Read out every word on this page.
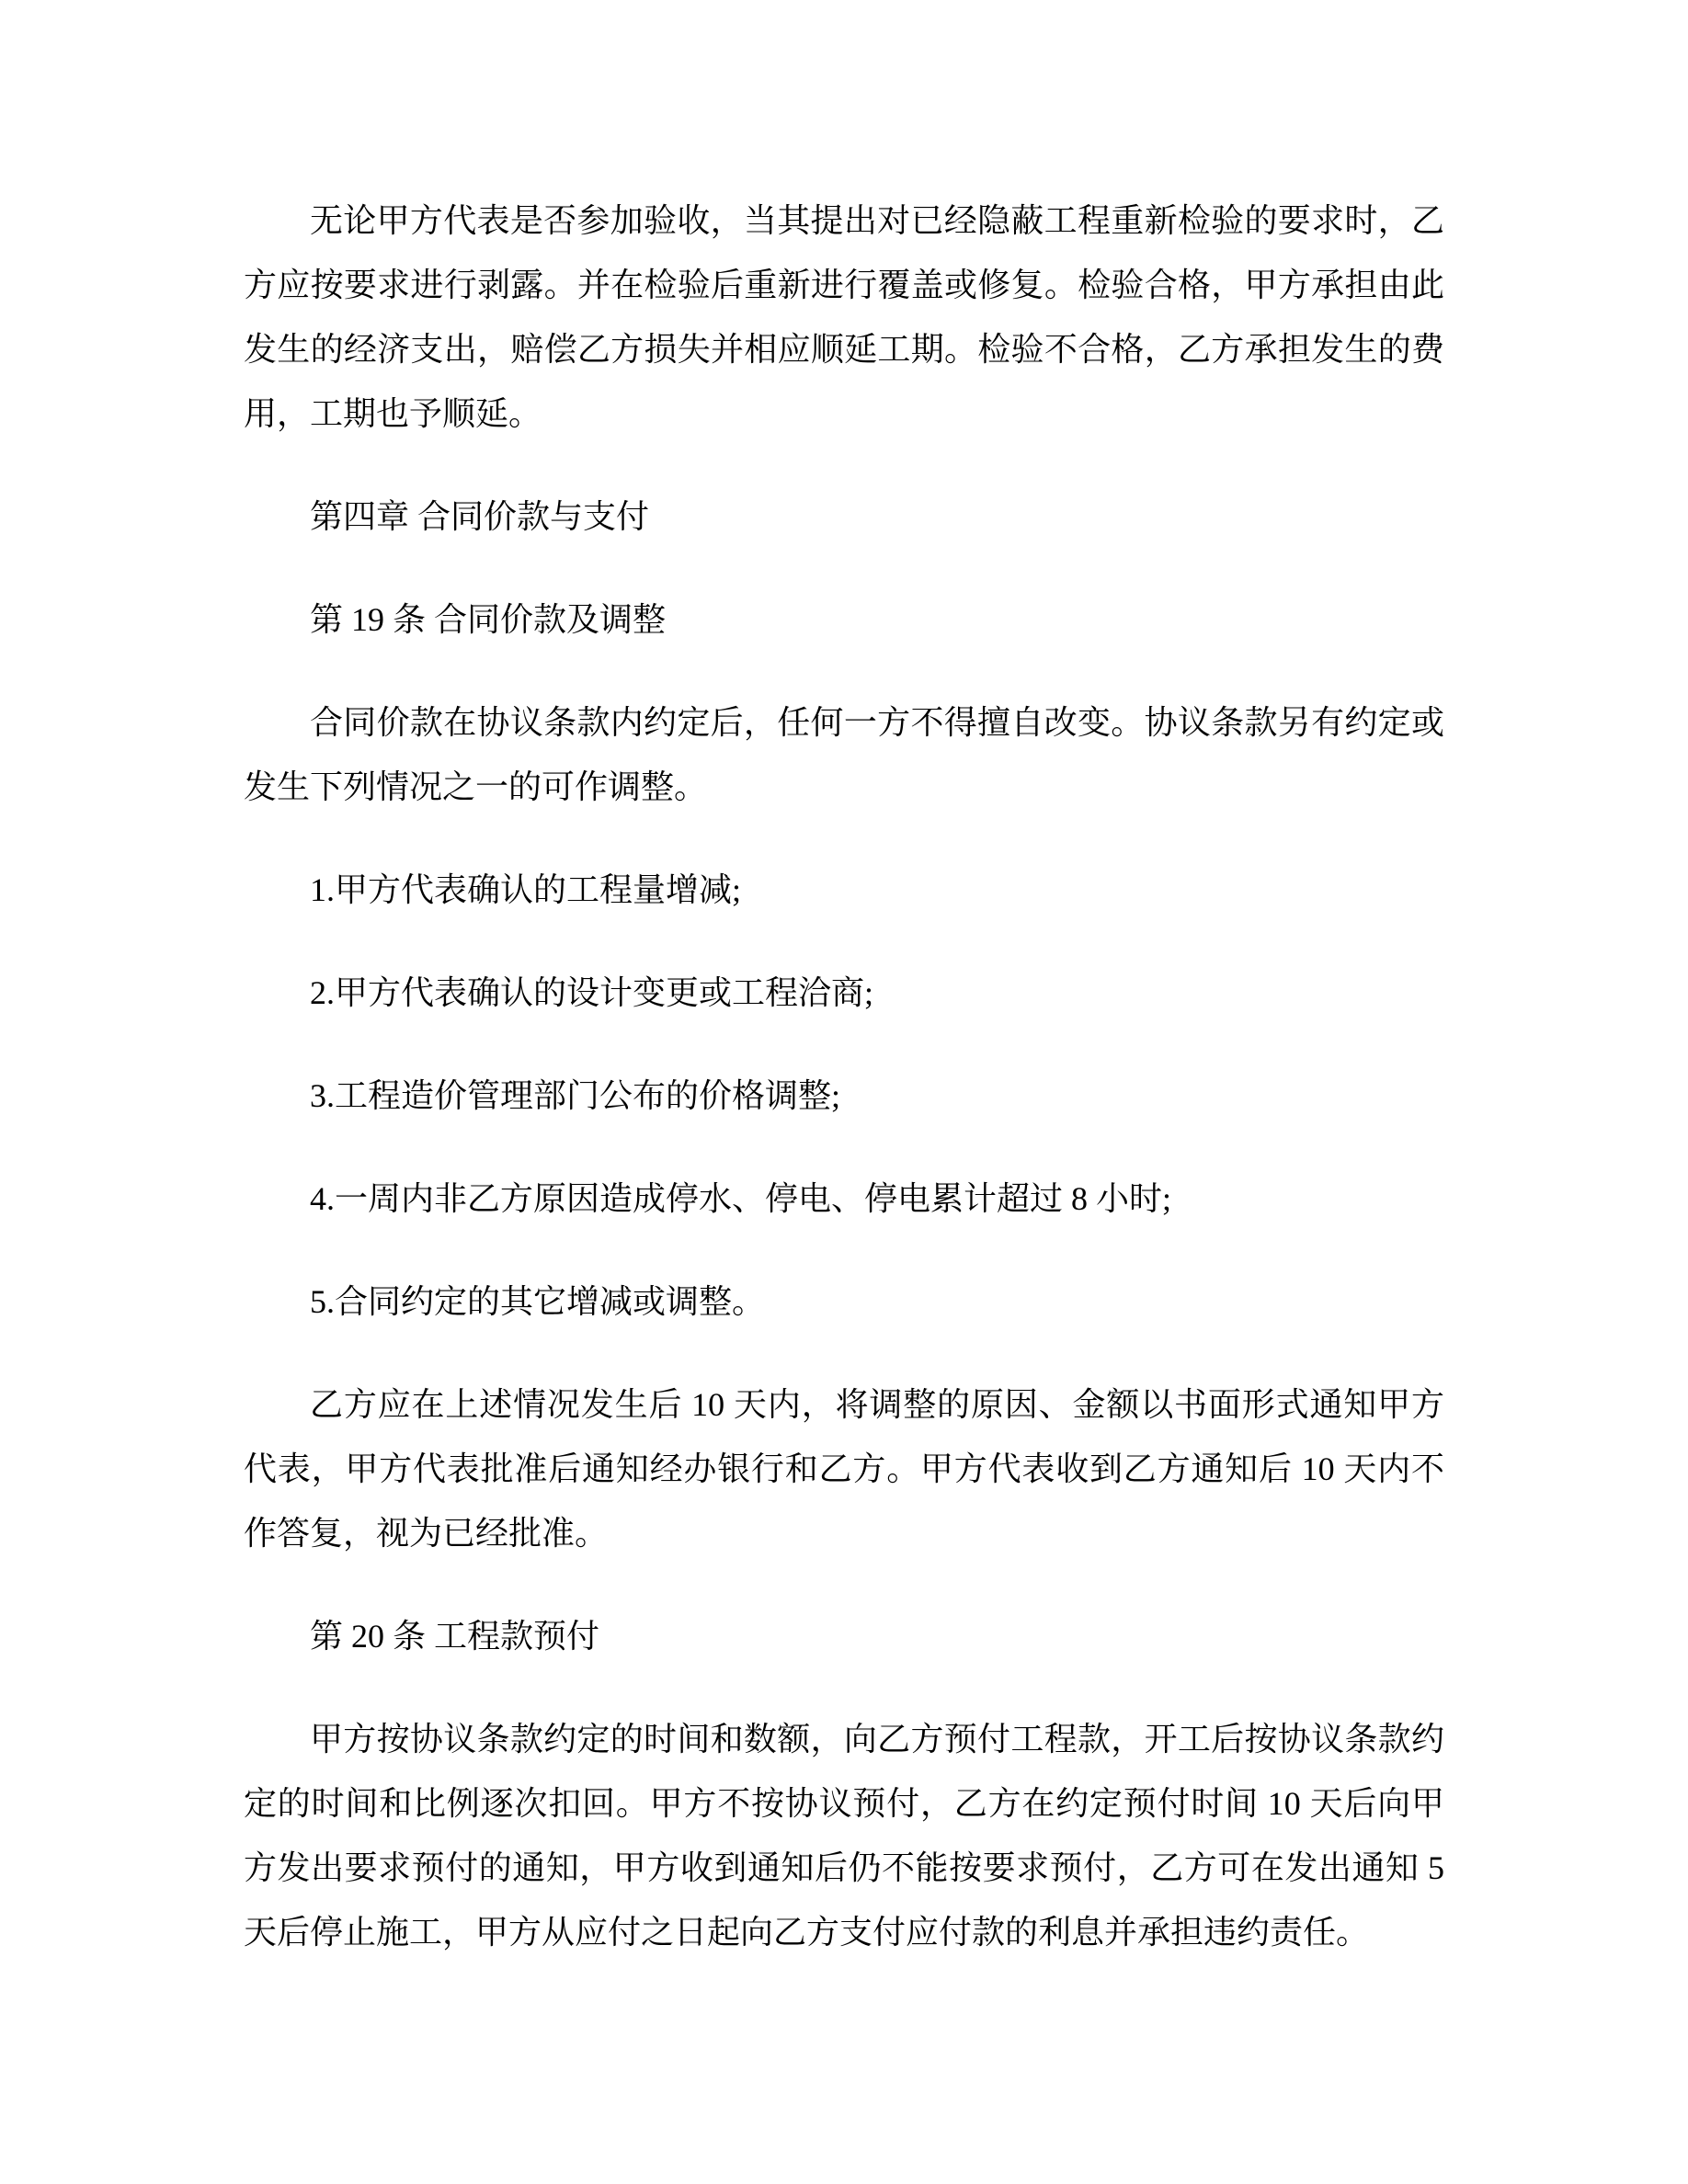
无论甲方代表是否参加验收，当其提出对已经隐蔽工程重新检验的要求时，乙方应按要求进行剥露。并在检验后重新进行覆盖或修复。检验合格，甲方承担由此发生的经济支出，赔偿乙方损失并相应顺延工期。检验不合格，乙方承担发生的费用，工期也予顺延。

第四章 合同价款与支付

第 19 条 合同价款及调整

合同价款在协议条款内约定后，任何一方不得擅自改变。协议条款另有约定或发生下列情况之一的可作调整。

1.甲方代表确认的工程量增减;

2.甲方代表确认的设计变更或工程洽商;

3.工程造价管理部门公布的价格调整;

4.一周内非乙方原因造成停水、停电、停电累计超过 8 小时;

5.合同约定的其它增减或调整。

乙方应在上述情况发生后 10 天内，将调整的原因、金额以书面形式通知甲方代表，甲方代表批准后通知经办银行和乙方。甲方代表收到乙方通知后 10 天内不作答复，视为已经批准。

第 20 条 工程款预付

甲方按协议条款约定的时间和数额，向乙方预付工程款，开工后按协议条款约定的时间和比例逐次扣回。甲方不按协议预付，乙方在约定预付时间 10 天后向甲方发出要求预付的通知，甲方收到通知后仍不能按要求预付，乙方可在发出通知 5 天后停止施工，甲方从应付之日起向乙方支付应付款的利息并承担违约责任。
